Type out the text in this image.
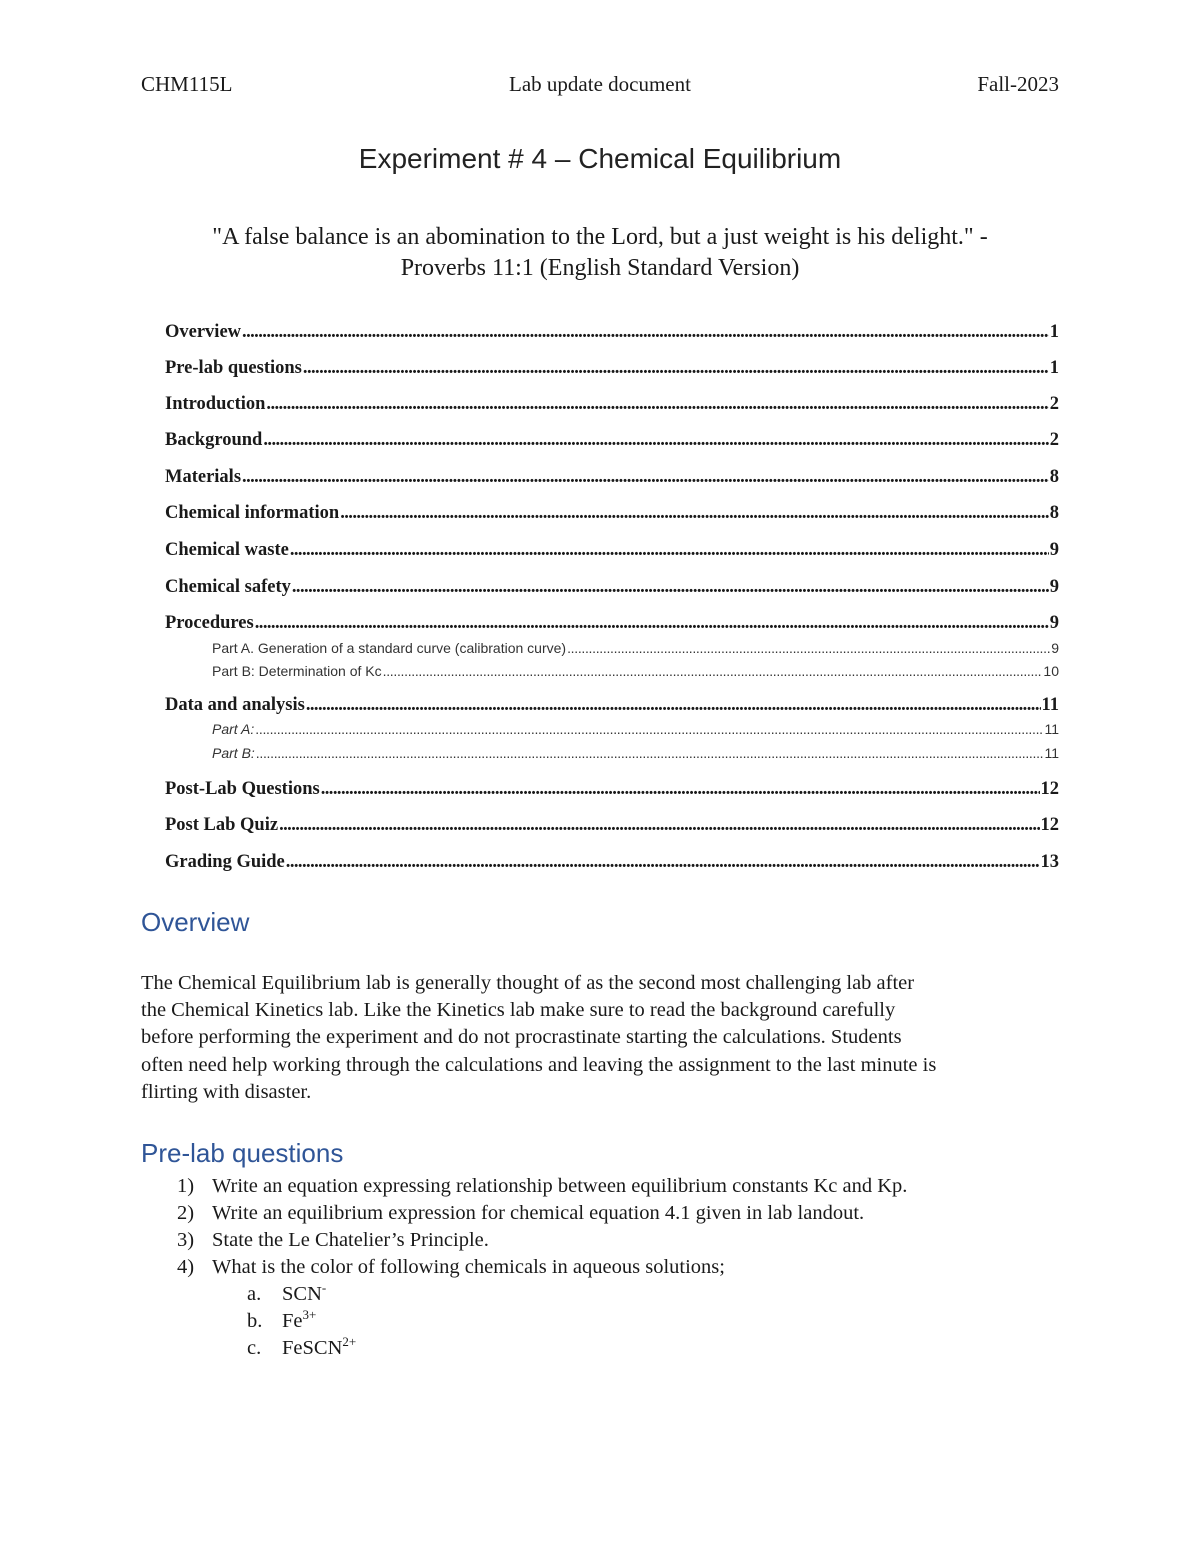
CHM115L	Lab update document	Fall-2023
Experiment # 4 – Chemical Equilibrium
"A false balance is an abomination to the Lord, but a just weight is his delight." -
Proverbs 11:1 (English Standard Version)
Overview . . .	1
Pre-lab questions . . .	1
Introduction . . .	2
Background . . .	2
Materials . . .	8
Chemical information . . .	8
Chemical waste . . .	9
Chemical safety . . .	9
Procedures . . .	9
Part A. Generation of a standard curve (calibration curve) . . .	9
Part B: Determination of Kc . . .	10
Data and analysis . . .	11
Part A: . . .	11
Part B: . . .	11
Post-Lab Questions . . .	12
Post Lab Quiz . . .	12
Grading Guide . . .	13
Overview
The Chemical Equilibrium lab is generally thought of as the second most challenging lab after
the Chemical Kinetics lab. Like the Kinetics lab make sure to read the background carefully
before performing the experiment and do not procrastinate starting the calculations. Students
often need help working through the calculations and leaving the assignment to the last minute is
flirting with disaster.
Pre-lab questions
1) Write an equation expressing relationship between equilibrium constants Kc and Kp.
2) Write an equilibrium expression for chemical equation 4.1 given in lab landout.
3) State the Le Chatelier’s Principle.
4) What is the color of following chemicals in aqueous solutions;
a. SCN-
b. $Fe^{3+}$
c. FeSCN$^{2+}$
